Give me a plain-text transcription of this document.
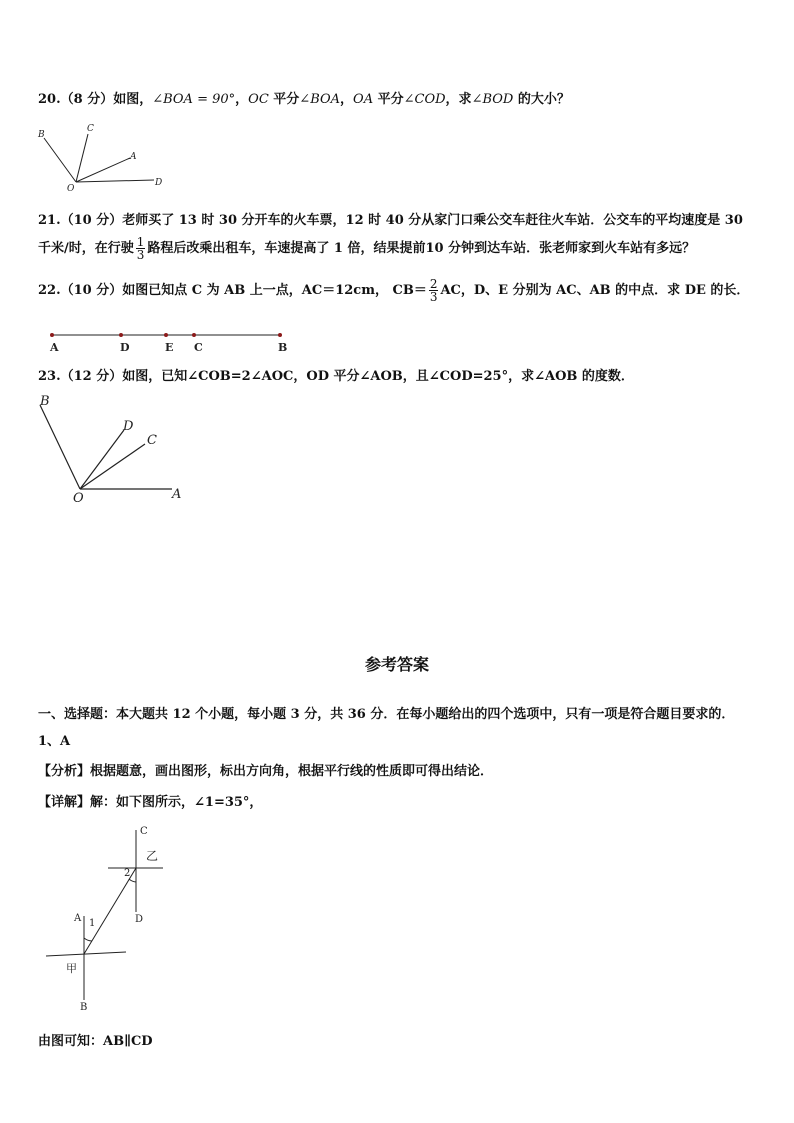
20.（8 分）如图，∠BOA = 90°，OC 平分∠BOA，OA 平分∠COD，求∠BOD 的大小？
B
C
A
O
D
21.（10 分）老师买了 13 时 30 分开车的火车票，12 时 40 分从家门口乘公交车赶往火车站．公交车的平均速度是 30
千米/时，在行驶 $\frac{1}{3}$ 路程后改乘出租车，车速提高了 1 倍，结果提前10 分钟到达车站．张老师家到火车站有多远？
22.（10 分）如图已知点 C 为 AB 上一点，AC＝12cm， $CB= \frac{2}{3}$ AC，D、E 分别为 AC、AB 的中点．求 DE 的长．
A	D	E C	B
23.（12 分）如图，已知∠COB=2∠AOC，OD 平分∠AOB，且∠COD=25°，求∠AOB 的度数．
B
D
C
O	A
参考答案
一、选择题：本大题共 12 个小题，每小题 3 分，共 36 分．在每小题给出的四个选项中，只有一项是符合题目要求的．
1、A
【分析】根据题意，画出图形，标出方向角，根据平行线的性质即可得出结论．
【详解】解：如下图所示，∠1=35°，
C
乙
2
D
A 1
甲
B
由图可知：AB∥CD
